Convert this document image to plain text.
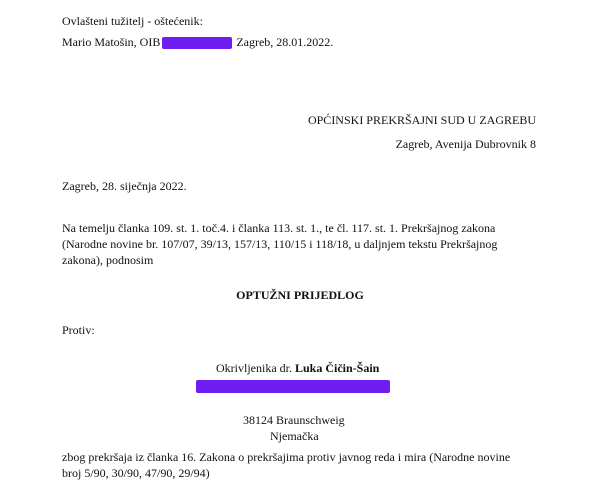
Ovlašteni tužitelj - oštećenik:
Mario Matošin, OIB	Zagreb, 28.01.2022.
OPĆINSKI PREKRŠAJNI SUD U ZAGREBU
Zagreb, Avenija Dubrovnik 8
Zagreb, 28. siječnja 2022.
Na temelju članka 109. st. 1. toč.4. i članka 113. st. 1., te čl. 117. st. 1. Prekršajnog zakona
(Narodne novine br. 107/07, 39/13, 157/13, 110/15 i 118/18, u daljnjem tekstu Prekršajnog
zakona), podnosim
OPTUŽNI PRIJEDLOG
Protiv:
Okrivljenika dr. Luka Čičin-Šain
38124 Braunschweig
Njemačka
zbog prekršaja iz članka 16. Zakona o prekršajima protiv javnog reda i mira (Narodne novine
broj 5/90, 30/90, 47/90, 29/94)
